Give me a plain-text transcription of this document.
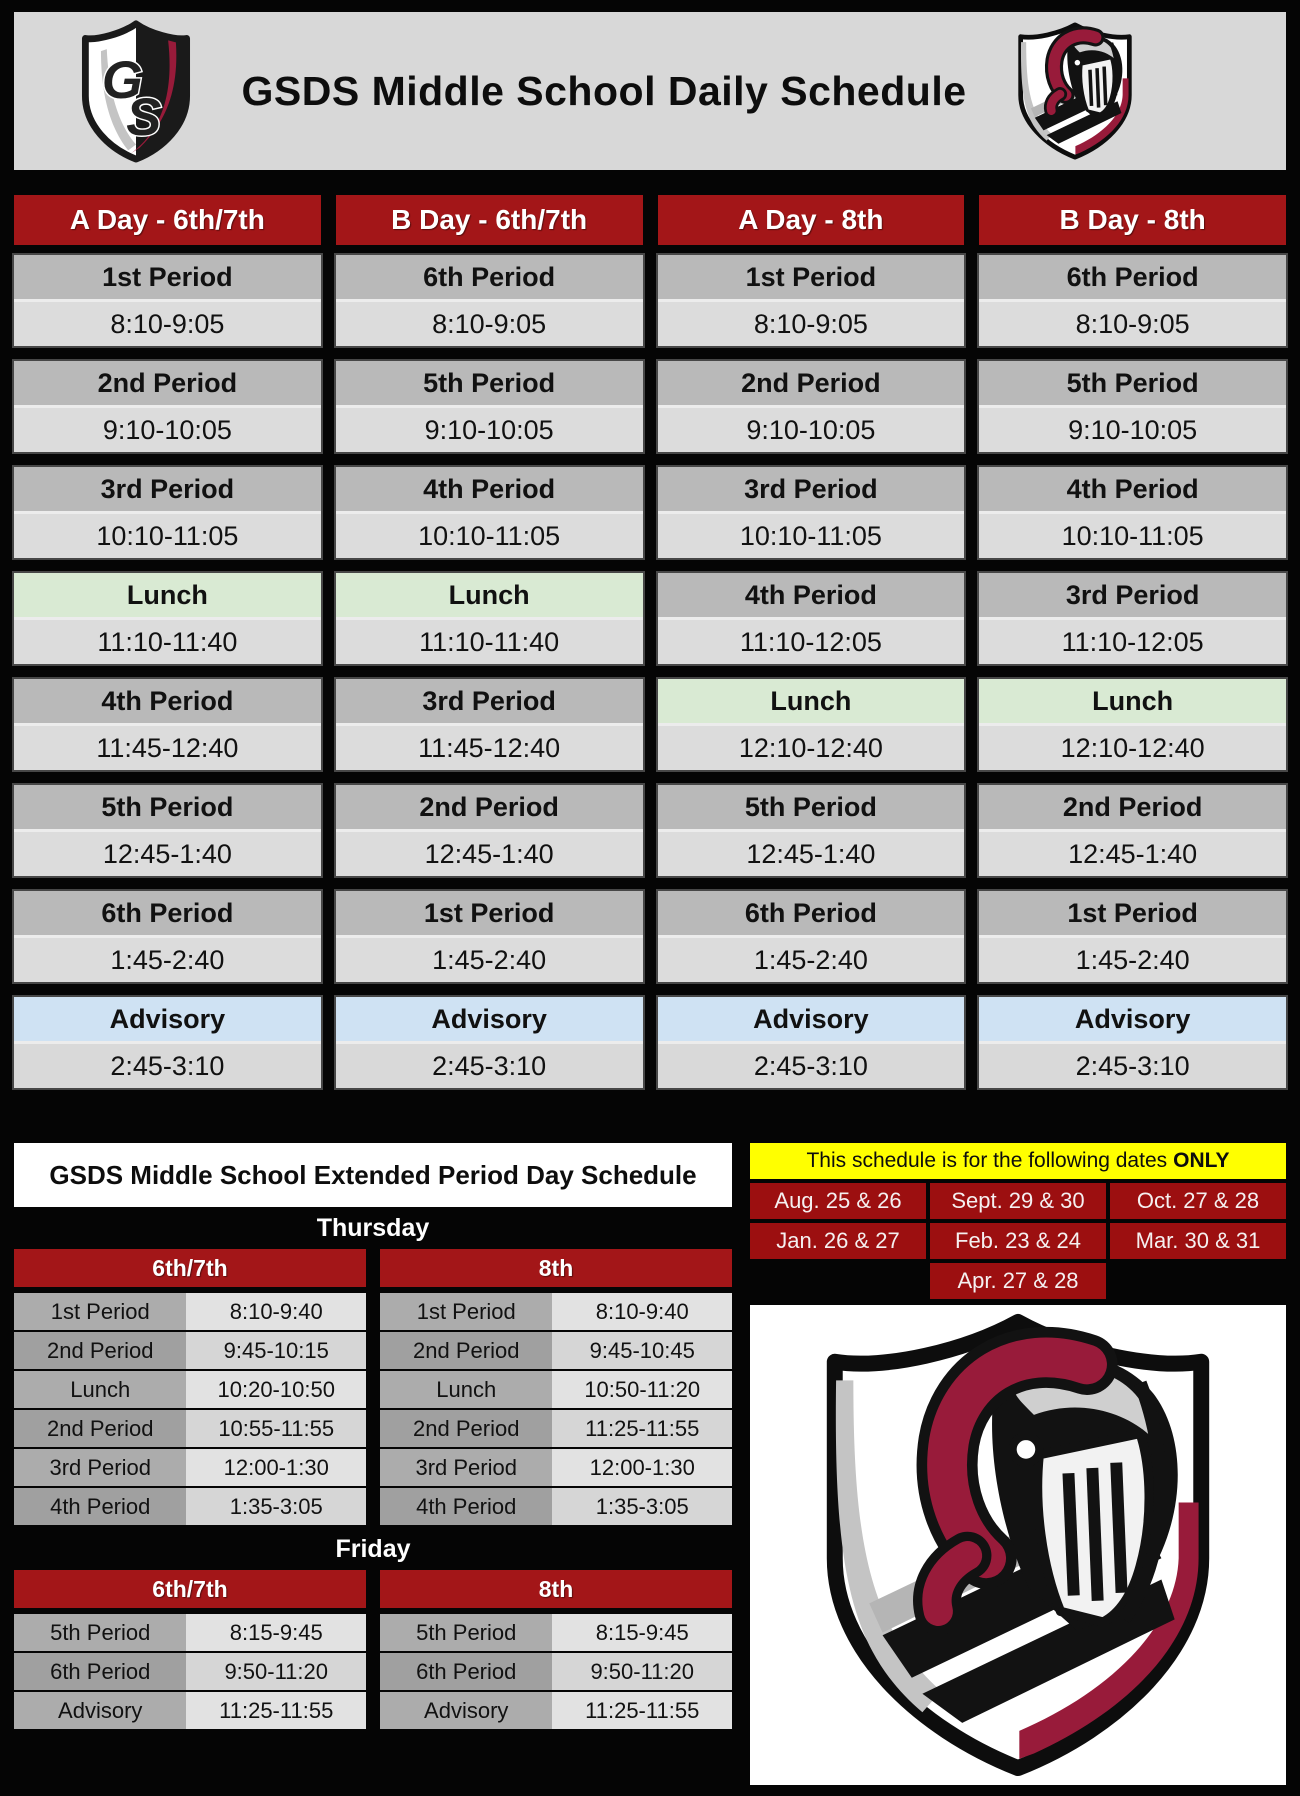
GSDS Middle School Daily Schedule
A Day - 6th/7th
1st Period
8:10-9:05
2nd Period
9:10-10:05
3rd Period
10:10-11:05
Lunch
11:10-11:40
4th Period
11:45-12:40
5th Period
12:45-1:40
6th Period
1:45-2:40
Advisory
2:45-3:10
B Day - 6th/7th
6th Period
8:10-9:05
5th Period
9:10-10:05
4th Period
10:10-11:05
Lunch
11:10-11:40
3rd Period
11:45-12:40
2nd Period
12:45-1:40
1st Period
1:45-2:40
Advisory
2:45-3:10
A Day - 8th
1st Period
8:10-9:05
2nd Period
9:10-10:05
3rd Period
10:10-11:05
4th Period
11:10-12:05
Lunch
12:10-12:40
5th Period
12:45-1:40
6th Period
1:45-2:40
Advisory
2:45-3:10
B Day - 8th
6th Period
8:10-9:05
5th Period
9:10-10:05
4th Period
10:10-11:05
3rd Period
11:10-12:05
Lunch
12:10-12:40
2nd Period
12:45-1:40
1st Period
1:45-2:40
Advisory
2:45-3:10
GSDS Middle School Extended Period Day Schedule
Thursday
6th/7th
1st Period	8:10-9:40
2nd Period	9:45-10:15
Lunch	10:20-10:50
2nd Period	10:55-11:55
3rd Period	12:00-1:30
4th Period	1:35-3:05
8th
1st Period	8:10-9:40
2nd Period	9:45-10:45
Lunch	10:50-11:20
2nd Period	11:25-11:55
3rd Period	12:00-1:30
4th Period	1:35-3:05
Friday
6th/7th
5th Period	8:15-9:45
6th Period	9:50-11:20
Advisory	11:25-11:55
8th
5th Period	8:15-9:45
6th Period	9:50-11:20
Advisory	11:25-11:55
This schedule is for the following dates ONLY
Aug. 25 & 26	Sept. 29 & 30	Oct. 27 & 28
Jan. 26 & 27	Feb. 23 & 24	Mar. 30 & 31
Apr. 27 & 28
